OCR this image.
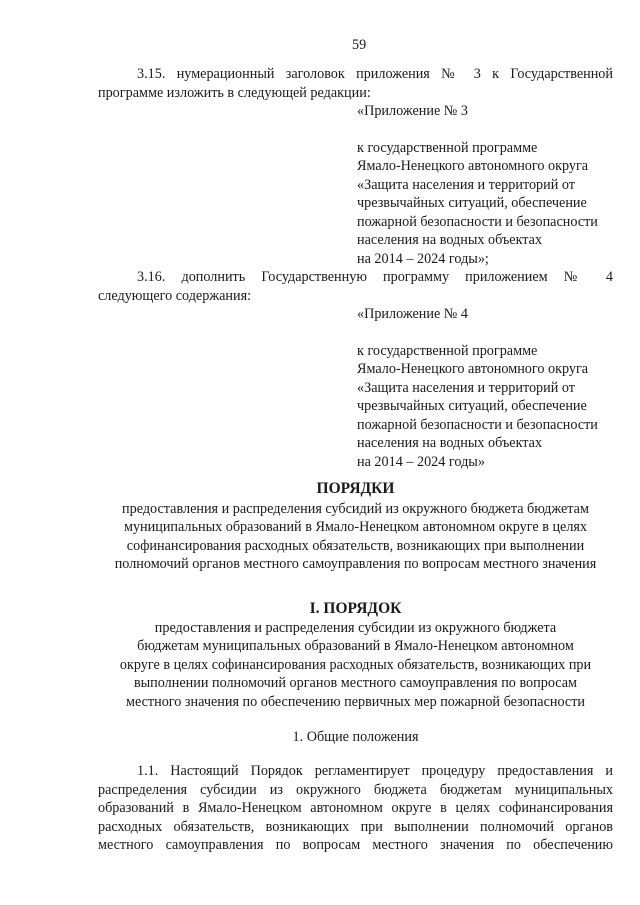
59
3.15. нумерационный заголовок приложения № 3 к Государственной
программе изложить в следующей редакции:
«Приложение № 3
к государственной программе
Ямало-Ненецкого автономного округа
«Защита населения и территорий от
чрезвычайных ситуаций, обеспечение
пожарной безопасности и безопасности
населения на водных объектах
на 2014 – 2024 годы»;
3.16. дополнить Государственную программу приложением № 4
следующего содержания:
«Приложение № 4
к государственной программе
Ямало-Ненецкого автономного округа
«Защита населения и территорий от
чрезвычайных ситуаций, обеспечение
пожарной безопасности и безопасности
населения на водных объектах
на 2014 – 2024 годы»
ПОРЯДКИ
предоставления и распределения субсидий из окружного бюджета бюджетам
муниципальных образований в Ямало-Ненецком автономном округе в целях
софинансирования расходных обязательств, возникающих при выполнении
полномочий органов местного самоуправления по вопросам местного значения
I. ПОРЯДОК
предоставления и распределения субсидии из окружного бюджета
бюджетам муниципальных образований в Ямало-Ненецком автономном
округе в целях софинансирования расходных обязательств, возникающих при
выполнении полномочий органов местного самоуправления по вопросам
местного значения по обеспечению первичных мер пожарной безопасности
1. Общие положения
1.1. Настоящий Порядок регламентирует процедуру предоставления и
распределения субсидии из окружного бюджета бюджетам муниципальных
образований в Ямало-Ненецком автономном округе в целях софинансирования
расходных обязательств, возникающих при выполнении полномочий органов
местного самоуправления по вопросам местного значения по обеспечению
